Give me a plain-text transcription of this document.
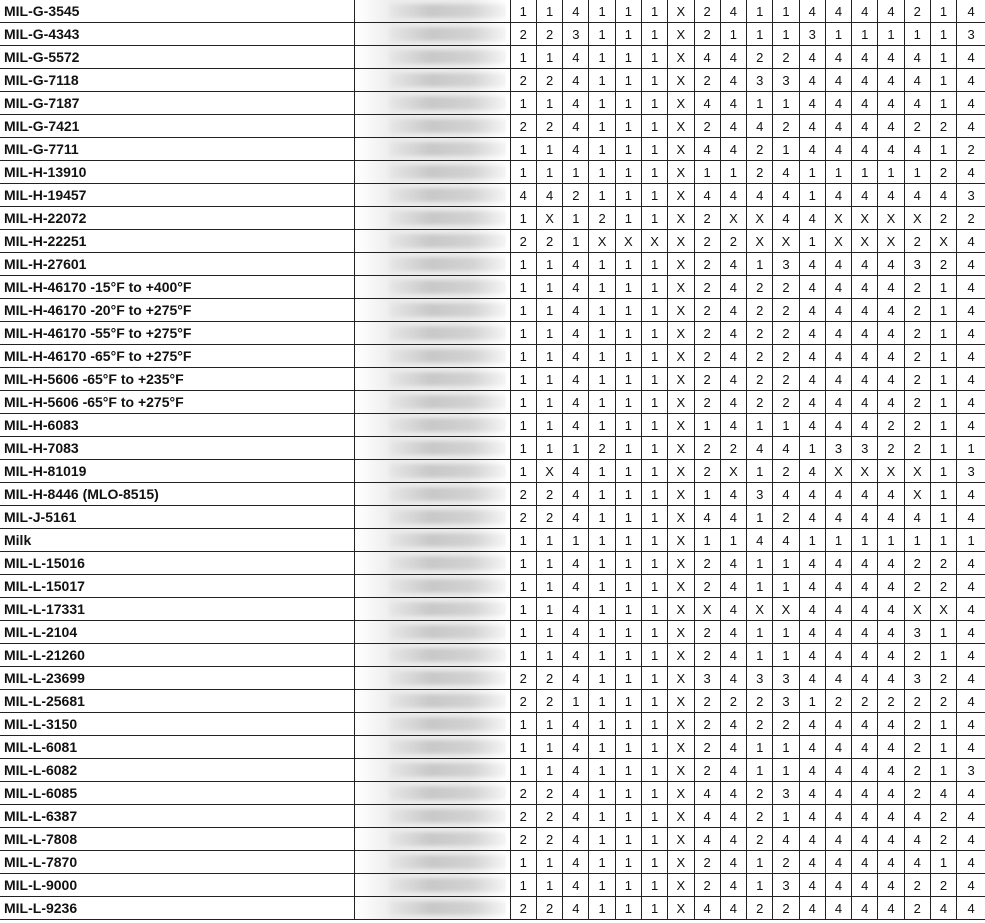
MIL-G-3545			1	1	4	1	1	1	X	2	4	1	1	4	4	4	4	2	1	4
MIL-G-4343			2	2	3	1	1	1	X	2	1	1	1	3	1	1	1	1	1	3
MIL-G-5572			1	1	4	1	1	1	X	4	4	2	2	4	4	4	4	4	1	4
MIL-G-7118			2	2	4	1	1	1	X	2	4	3	3	4	4	4	4	4	1	4
MIL-G-7187			1	1	4	1	1	1	X	4	4	1	1	4	4	4	4	4	1	4
MIL-G-7421			2	2	4	1	1	1	X	2	4	4	2	4	4	4	4	2	2	4
MIL-G-7711			1	1	4	1	1	1	X	4	4	2	1	4	4	4	4	4	1	2
MIL-H-13910			1	1	1	1	1	1	X	1	1	2	4	1	1	1	1	1	2	4
MIL-H-19457			4	4	2	1	1	1	X	4	4	4	4	1	4	4	4	4	4	3
MIL-H-22072			1	X	1	2	1	1	X	2	X	X	4	4	X	X	X	X	2	2
MIL-H-22251			2	2	1	X	X	X	X	2	2	X	X	1	X	X	X	2	X	4
MIL-H-27601			1	1	4	1	1	1	X	2	4	1	3	4	4	4	4	3	2	4
MIL-H-46170 -15°F to +400°F			1	1	4	1	1	1	X	2	4	2	2	4	4	4	4	2	1	4
MIL-H-46170 -20°F to +275°F			1	1	4	1	1	1	X	2	4	2	2	4	4	4	4	2	1	4
MIL-H-46170 -55°F to +275°F			1	1	4	1	1	1	X	2	4	2	2	4	4	4	4	2	1	4
MIL-H-46170 -65°F to +275°F			1	1	4	1	1	1	X	2	4	2	2	4	4	4	4	2	1	4
MIL-H-5606 -65°F to +235°F			1	1	4	1	1	1	X	2	4	2	2	4	4	4	4	2	1	4
MIL-H-5606 -65°F to +275°F			1	1	4	1	1	1	X	2	4	2	2	4	4	4	4	2	1	4
MIL-H-6083			1	1	4	1	1	1	X	1	4	1	1	4	4	4	2	2	1	4
MIL-H-7083			1	1	1	2	1	1	X	2	2	4	4	1	3	3	2	2	1	1
MIL-H-81019			1	X	4	1	1	1	X	2	X	1	2	4	X	X	X	X	1	3
MIL-H-8446 (MLO-8515)			2	2	4	1	1	1	X	1	4	3	4	4	4	4	4	X	1	4
MIL-J-5161			2	2	4	1	1	1	X	4	4	1	2	4	4	4	4	4	1	4
Milk			1	1	1	1	1	1	X	1	1	4	4	1	1	1	1	1	1	1
MIL-L-15016			1	1	4	1	1	1	X	2	4	1	1	4	4	4	4	2	2	4
MIL-L-15017			1	1	4	1	1	1	X	2	4	1	1	4	4	4	4	2	2	4
MIL-L-17331			1	1	4	1	1	1	X	X	4	X	X	4	4	4	4	X	X	4
MIL-L-2104			1	1	4	1	1	1	X	2	4	1	1	4	4	4	4	3	1	4
MIL-L-21260			1	1	4	1	1	1	X	2	4	1	1	4	4	4	4	2	1	4
MIL-L-23699			2	2	4	1	1	1	X	3	4	3	3	4	4	4	4	3	2	4
MIL-L-25681			2	2	1	1	1	1	X	2	2	2	3	1	2	2	2	2	2	4
MIL-L-3150			1	1	4	1	1	1	X	2	4	2	2	4	4	4	4	2	1	4
MIL-L-6081			1	1	4	1	1	1	X	2	4	1	1	4	4	4	4	2	1	4
MIL-L-6082			1	1	4	1	1	1	X	2	4	1	1	4	4	4	4	2	1	3
MIL-L-6085			2	2	4	1	1	1	X	4	4	2	3	4	4	4	4	2	4	4
MIL-L-6387			2	2	4	1	1	1	X	4	4	2	1	4	4	4	4	4	2	4
MIL-L-7808			2	2	4	1	1	1	X	4	4	2	4	4	4	4	4	4	2	4
MIL-L-7870			1	1	4	1	1	1	X	2	4	1	2	4	4	4	4	4	1	4
MIL-L-9000			1	1	4	1	1	1	X	2	4	1	3	4	4	4	4	2	2	4
MIL-L-9236			2	2	4	1	1	1	X	4	4	2	2	4	4	4	4	2	4	4
